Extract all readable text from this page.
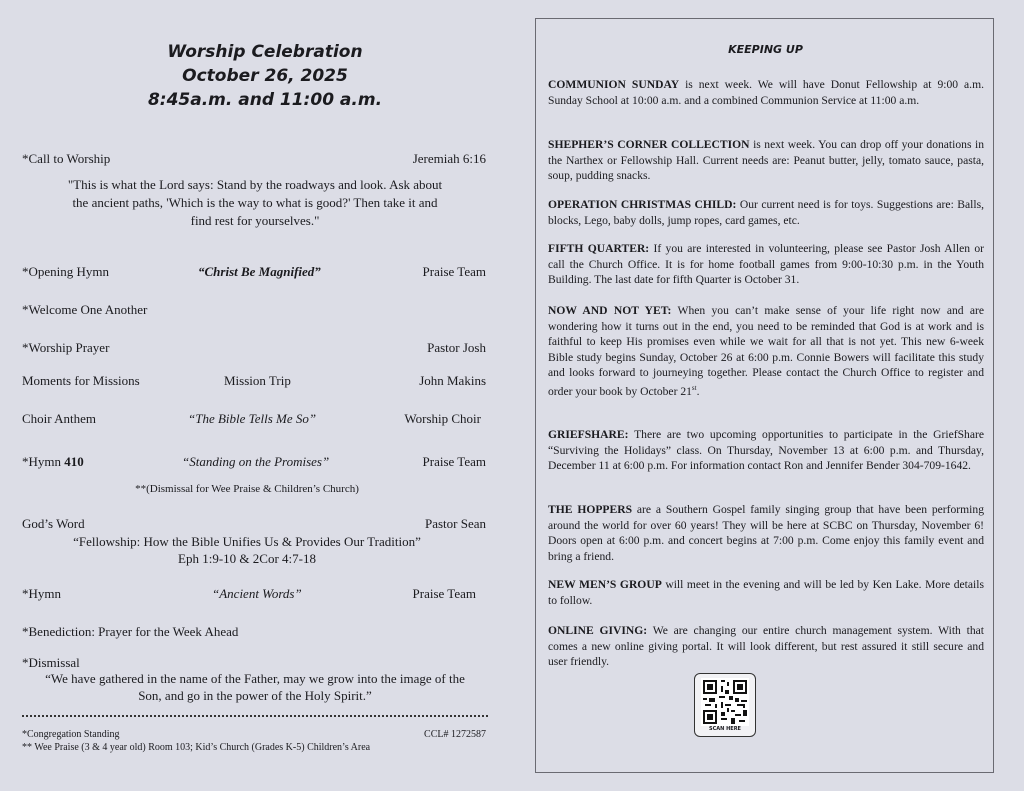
Worship Celebration
October 26, 2025
8:45a.m. and 11:00 a.m.
*Call to Worship	Jeremiah 6:16
"This is what the Lord says: Stand by the roadways and look. Ask about
the ancient paths, 'Which is the way to what is good?' Then take it and
find rest for yourselves."
*Opening Hymn	“Christ Be Magnified”	Praise Team
*Welcome One Another
*Worship Prayer	Pastor Josh
Moments for Missions	Mission Trip	John Makins
Choir Anthem	“The Bible Tells Me So”	Worship Choir
*Hymn 410	“Standing on the Promises”	Praise Team
**(Dismissal for Wee Praise & Children’s Church)
God’s Word	Pastor Sean
“Fellowship: How the Bible Unifies Us & Provides Our Tradition”
Eph 1:9-10 & 2Cor 4:7-18
*Hymn	“Ancient Words”	Praise Team
*Benediction: Prayer for the Week Ahead
*Dismissal
“We have gathered in the name of the Father, may we grow into the image of the
Son, and go in the power of the Holy Spirit.”
*Congregation Standing	CCL# 1272587
** Wee Praise (3 & 4 year old) Room 103; Kid’s Church (Grades K-5) Children’s Area
KEEPING UP
COMMUNION SUNDAY is next week. We will have Donut Fellowship at 9:00 a.m. Sunday School at 10:00 a.m. and a combined Communion Service at 11:00 a.m.
SHEPHER’S CORNER COLLECTION is next week. You can drop off your donations in the Narthex or Fellowship Hall. Current needs are: Peanut butter, jelly, tomato sauce, pasta, soup, pudding snacks.
OPERATION CHRISTMAS CHILD: Our current need is for toys. Suggestions are: Balls, blocks, Lego, baby dolls, jump ropes, card games, etc.
FIFTH QUARTER: If you are interested in volunteering, please see Pastor Josh Allen or call the Church Office. It is for home football games from 9:00-10:30 p.m. in the Youth Building. The last date for fifth Quarter is October 31.
NOW AND NOT YET: When you can’t make sense of your life right now and are wondering how it turns out in the end, you need to be reminded that God is at work and is faithful to keep His promises even while we wait for all that is not yet. This new 6-week Bible study begins Sunday, October 26 at 6:00 p.m. Connie Bowers will facilitate this study and looks forward to journeying together. Please contact the Church Office to register and order your book by October 21st.
GRIEFSHARE: There are two upcoming opportunities to participate in the GriefShare “Surviving the Holidays” class. On Thursday, November 13 at 6:00 p.m. and Thursday, December 11 at 6:00 p.m. For information contact Ron and Jennifer Bender 304-709-1642.
THE HOPPERS are a Southern Gospel family singing group that have been performing around the world for over 60 years! They will be here at SCBC on Thursday, November 6! Doors open at 6:00 p.m. and concert begins at 7:00 p.m. Come enjoy this family event and bring a friend.
NEW MEN’S GROUP will meet in the evening and will be led by Ken Lake. More details to follow.
ONLINE GIVING: We are changing our entire church management system. With that comes a new online giving portal. It will look different, but rest assured it still secure and user friendly.
SCAN HERE
